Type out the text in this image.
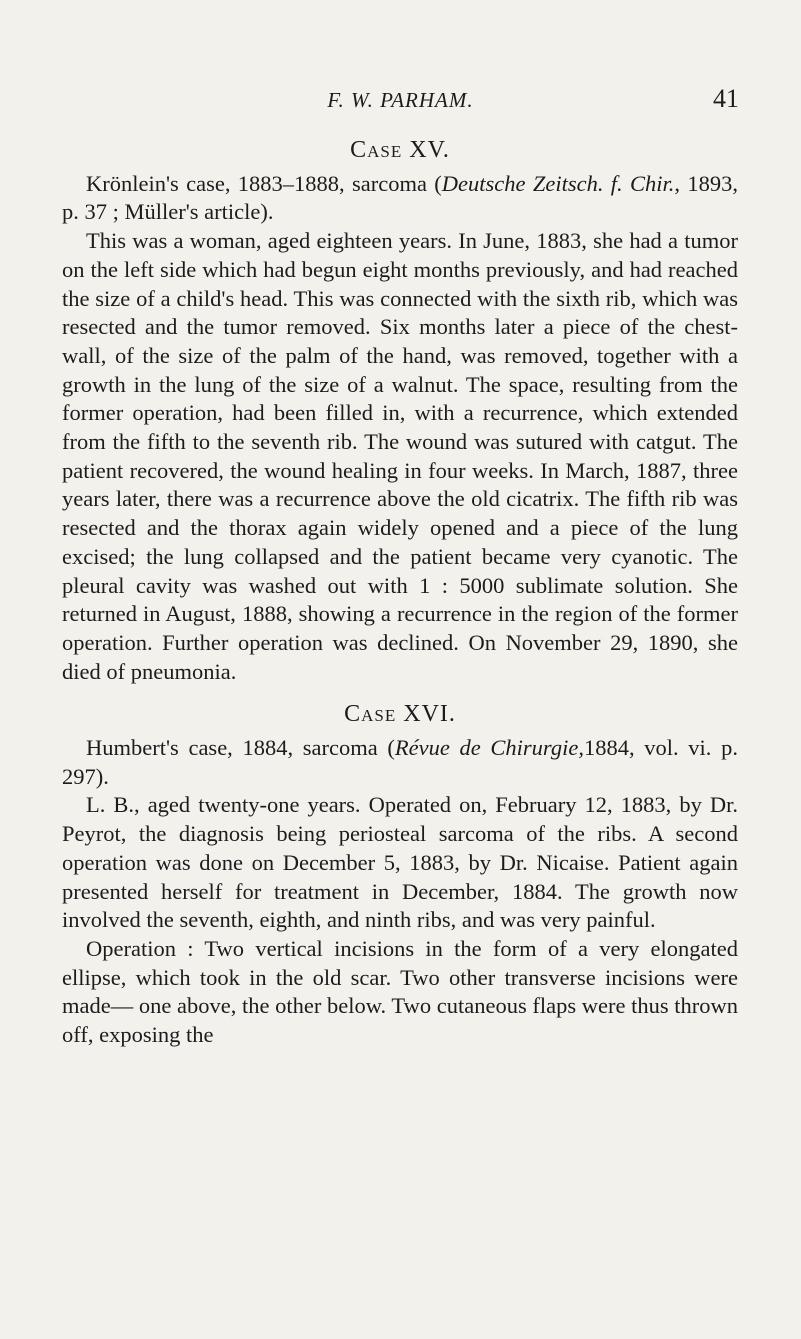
F. W. PARHAM.	41
Case XV.

Krönlein's case, 1883–1888, sarcoma (Deutsche Zeitsch. f. Chir., 1893, p. 37 ; Müller's article).

This was a woman, aged eighteen years. In June, 1883, she had a tumor on the left side which had begun eight months previously, and had reached the size of a child's head. This was connected with the sixth rib, which was resected and the tumor removed. Six months later a piece of the chest-wall, of the size of the palm of the hand, was removed, together with a growth in the lung of the size of a walnut. The space, resulting from the former operation, had been filled in, with a recurrence, which extended from the fifth to the seventh rib. The wound was sutured with catgut. The patient recovered, the wound healing in four weeks. In March, 1887, three years later, there was a recurrence above the old cicatrix. The fifth rib was resected and the thorax again widely opened and a piece of the lung excised; the lung collapsed and the patient became very cyanotic. The pleural cavity was washed out with 1 : 5000 sublimate solution. She returned in August, 1888, showing a recurrence in the region of the former operation. Further operation was declined. On November 29, 1890, she died of pneumonia.

Case XVI.

Humbert's case, 1884, sarcoma (Révue de Chirurgie,1884, vol. vi. p. 297).

L. B., aged twenty-one years. Operated on, February 12, 1883, by Dr. Peyrot, the diagnosis being periosteal sarcoma of the ribs. A second operation was done on December 5, 1883, by Dr. Nicaise. Patient again presented herself for treatment in December, 1884. The growth now involved the seventh, eighth, and ninth ribs, and was very painful.

Operation : Two vertical incisions in the form of a very elongated ellipse, which took in the old scar. Two other transverse incisions were made— one above, the other below. Two cutaneous flaps were thus thrown off, exposing the
